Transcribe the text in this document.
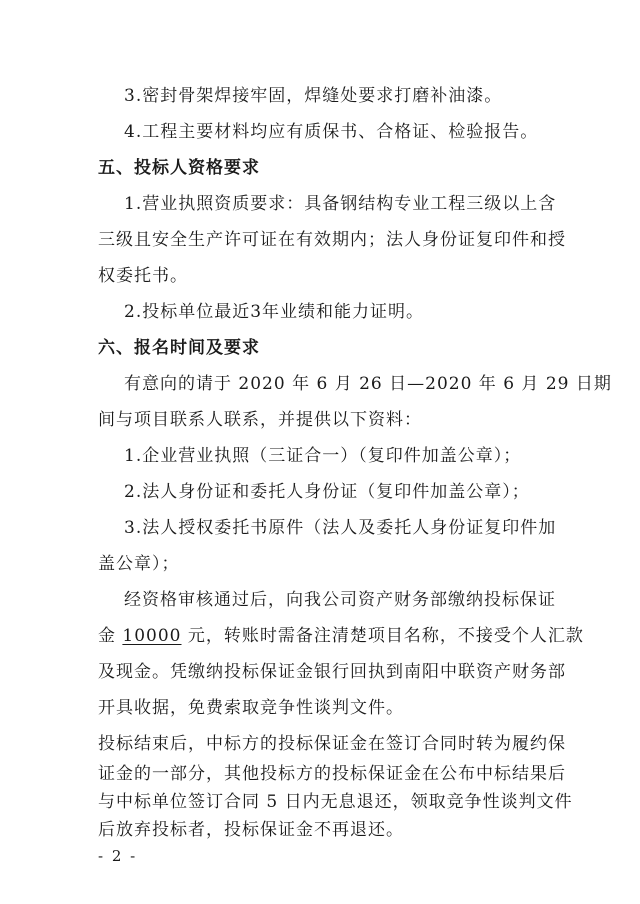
3.密封骨架焊接牢固，焊缝处要求打磨补油漆。
4.工程主要材料均应有质保书、合格证、检验报告。
五、投标人资格要求
1.营业执照资质要求：具备钢结构专业工程三级以上含
三级且安全生产许可证在有效期内；法人身份证复印件和授
权委托书。
2.投标单位最近3年业绩和能力证明。
六、报名时间及要求
有意向的请于 2020 年 6 月 26 日—2020 年 6 月 29 日期
间与项目联系人联系，并提供以下资料：
1.企业营业执照（三证合一）（复印件加盖公章）；
2.法人身份证和委托人身份证（复印件加盖公章）；
3.法人授权委托书原件（法人及委托人身份证复印件加
盖公章）；
经资格审核通过后，向我公司资产财务部缴纳投标保证
金 10000 元，转账时需备注清楚项目名称，不接受个人汇款
及现金。凭缴纳投标保证金银行回执到南阳中联资产财务部
开具收据，免费索取竞争性谈判文件。
投标结束后，中标方的投标保证金在签订合同时转为履约保
证金的一部分，其他投标方的投标保证金在公布中标结果后
与中标单位签订合同 5 日内无息退还，领取竞争性谈判文件
后放弃投标者，投标保证金不再退还。
- 2 -
